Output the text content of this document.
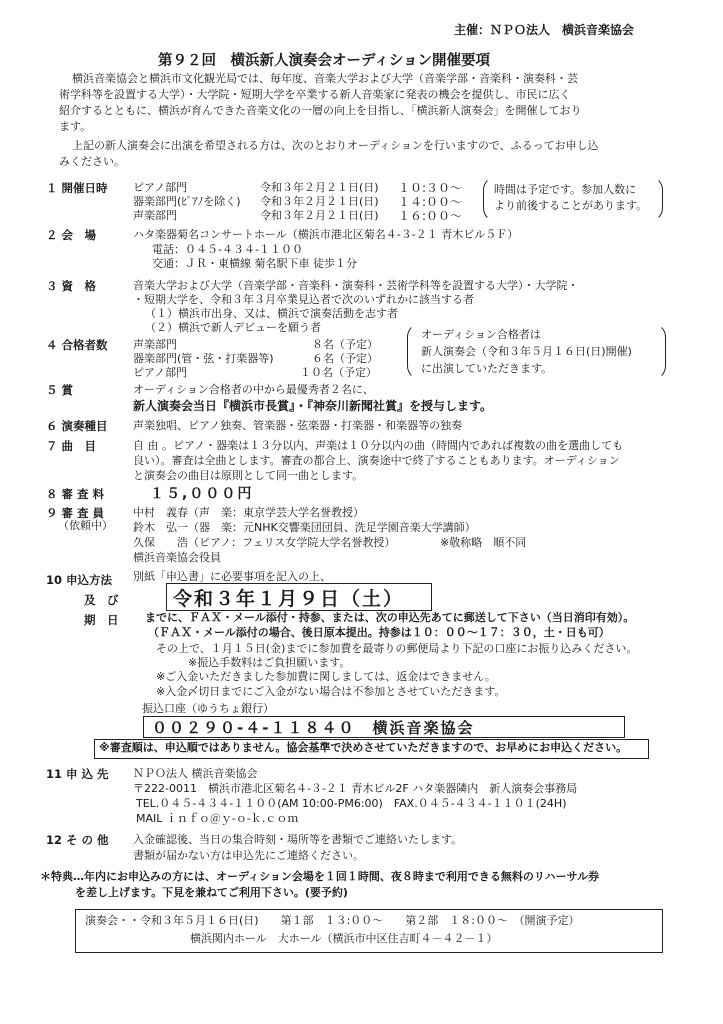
主催：ＮＰＯ法人　横浜音楽協会
第９２回　横浜新人演奏会オーディション開催要項
横浜音楽協会と横浜市文化観光局では、毎年度、音楽大学および大学（音楽学部・音楽科・演奏科・芸
術学科等を設置する大学）・大学院・短期大学を卒業する新人音楽家に発表の機会を提供し、市民に広く
紹介するとともに、横浜が育んできた音楽文化の一層の向上を目指し、「横浜新人演奏会」を開催しており
ます。
上記の新人演奏会に出演を希望される方は、次のとおりオーディションを行いますので、ふるってお申し込
みください。
１ 開催日時 ピアノ部門	令和３年２月２１日(日) １０:３０～
器楽部門(ﾋﾟｱﾉを除く) 令和３年２月２１日(日) １４:００～
声楽部門	令和３年２月２１日(日) １６:００～
時間は予定です。参加人数に
より前後することがあります。
２ 会　場	ハタ楽器菊名コンサートホール（横浜市港北区菊名４-３-２１ 青木ビル５Ｆ）
電話：０４５-４３４-１１００
交通：ＪＲ・東横線 菊名駅下車 徒歩１分
３ 資　格	音楽大学および大学（音楽学部・音楽科・演奏科・芸術学科等を設置する大学）・大学院・
・短期大学を、令和３年３月卒業見込者で次のいずれかに該当する者
（１）横浜市出身、又は、横浜で演奏活動を志す者
（２）横浜で新人デビューを願う者
４ 合格者数 声楽部門	８名（予定）
器楽部門(管・弦・打楽器等)	６名（予定）
ピアノ部門	１０名（予定）
オーディション合格者は
新人演奏会（令和３年５月１６日(日)開催)
に出演していただきます。
５ 賞	オーディション合格者の中から最優秀者２名に、
新人演奏会当日『横浜市長賞』・『神奈川新聞社賞』を授与します。
６ 演奏種目 声楽独唱、ピアノ独奏、管楽器・弦楽器・打楽器・和楽器等の独奏
７ 曲　目	自 由 。ピアノ・器楽は１３分以内、声楽は１０分以内の曲（時間内であれば複数の曲を選曲しても
良い）。審査は全曲とします。審査の都合上、演奏途中で終了することもあります。オーディション
と演奏会の曲目は原則として同一曲とします。
８ 審 査 料	１５,０００円
９ 審 査 員
（依頼中）
中村　義春（声　楽：東京学芸大学名誉教授）
鈴木　弘一（器　楽：元NHK交響楽団団員、洗足学園音楽大学講師）
久保　　浩（ピアノ：フェリス女学院大学名誉教授）	※敬称略　順不同
横浜音楽協会役員
10 申込方法
及　び
期　日
別紙「申込書」に必要事項を記入の上、
令和３年１月９日（土）
までに、ＦＡＸ・メール添付・持参、または、次の申込先あてに郵送して下さい（当日消印有効）。
（ＦＡＸ・メール添付の場合、後日原本提出。持参は１０：００～１７：３０，土・日も可）
その上で、１月１５日(金)までに参加費を最寄りの郵便局より下記の口座にお振り込みください。
※振込手数料はご負担願います。
※ご入金いただきました参加費に関しましては、返金はできません。
※入金〆切日までにご入金がない場合は不参加とさせていただきます。
振込口座（ゆうちょ銀行）
００２９０-４-１１８４０　横浜音楽協会
※審査順は、申込順ではありません。協会基準で決めさせていただきますので、お早めにお申込ください。
11 申 込 先 ＮＰＯ法人 横浜音楽協会
〒222-0011　横浜市港北区菊名４-３-２１ 青木ビル2F ハタ楽器隣内　新人演奏会事務局
TEL.０４５-４３４-１１００(AM 10:00-PM6:00)　FAX.０４５-４３４-１１０１(24H)
MAIL ｉｎｆｏ＠ｙ-ｏ-ｋ.ｃｏｍ
12 そ の 他 入金確認後、当日の集合時刻・場所等を書類でご連絡いたします。
書類が届かない方は申込先にご連絡ください。
＊特典…年内にお申込みの方には、オーディション会場を１回１時間、夜８時まで利用できる無料のリハーサル券
を差し上げます。下見を兼ねてご利用下さい。(要予約)
演奏会・・令和３年５月１６日(日)　　第１部　１３:００～　　第２部　１８:００～　（開演予定）
横浜関内ホール　大ホール（横浜市中区住吉町４－４２－１）
